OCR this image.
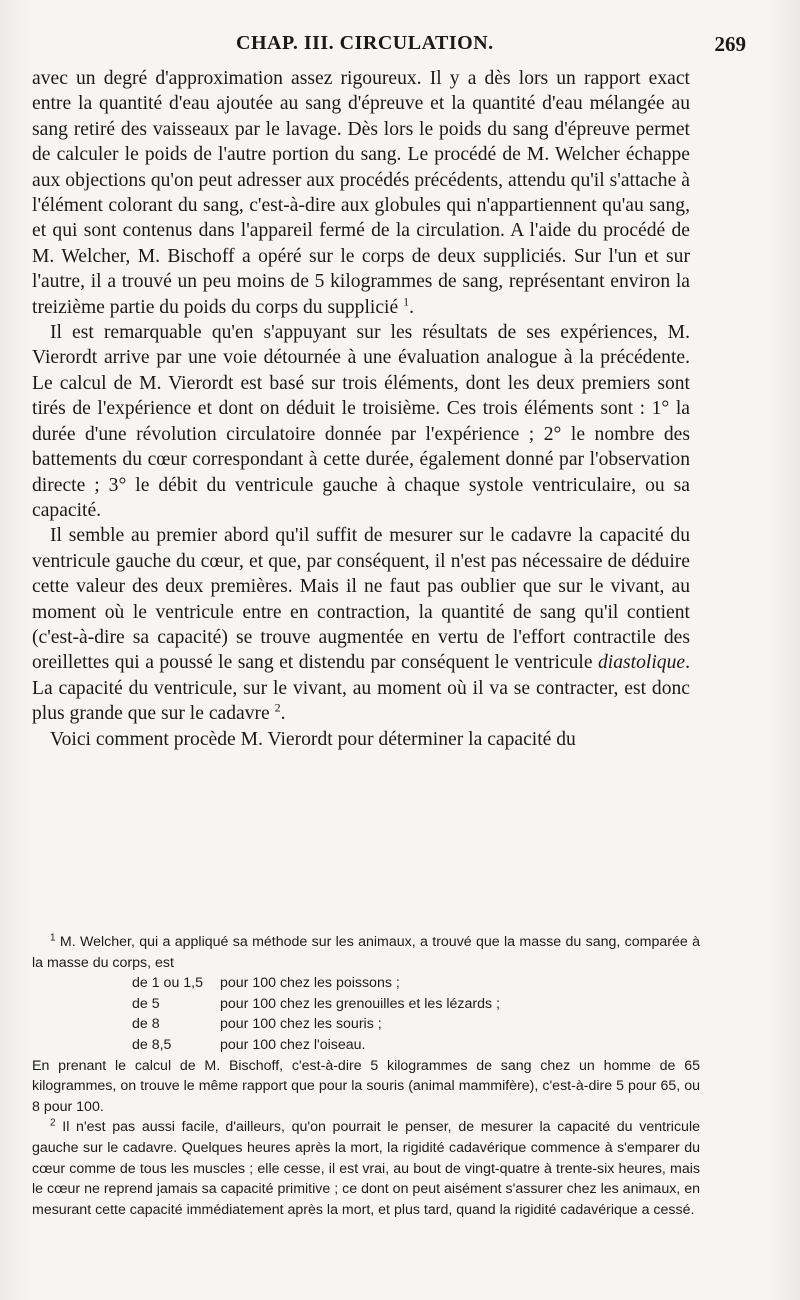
CHAP. III. CIRCULATION.	269

avec un degré d'approximation assez rigoureux. Il y a dès lors un rapport exact entre la quantité d'eau ajoutée au sang d'épreuve et la quantité d'eau mélangée au sang retiré des vaisseaux par le lavage. Dès lors le poids du sang d'épreuve permet de calculer le poids de l'autre portion du sang. Le procédé de M. Welcher échappe aux objections qu'on peut adresser aux procédés précédents, attendu qu'il s'attache à l'élément colorant du sang, c'est-à-dire aux globules qui n'appartiennent qu'au sang, et qui sont contenus dans l'appareil fermé de la circulation. A l'aide du procédé de M. Welcher, M. Bischoff a opéré sur le corps de deux suppliciés. Sur l'un et sur l'autre, il a trouvé un peu moins de 5 kilogrammes de sang, représentant environ la treizième partie du poids du corps du supplicié $^1$.

Il est remarquable qu'en s'appuyant sur les résultats de ses expériences, M. Vierordt arrive par une voie détournée à une évaluation analogue à la précédente. Le calcul de M. Vierordt est basé sur trois éléments, dont les deux premiers sont tirés de l'expérience et dont on déduit le troisième. Ces trois éléments sont : 1° la durée d'une révolution circulatoire donnée par l'expérience ; 2° le nombre des battements du cœur correspondant à cette durée, également donné par l'observation directe ; 3° le débit du ventricule gauche à chaque systole ventriculaire, ou sa capacité.

Il semble au premier abord qu'il suffit de mesurer sur le cadavre la capacité du ventricule gauche du cœur, et que, par conséquent, il n'est pas nécessaire de déduire cette valeur des deux premières. Mais il ne faut pas oublier que sur le vivant, au moment où le ventricule entre en contraction, la quantité de sang qu'il contient (c'est-à-dire sa capacité) se trouve augmentée en vertu de l'effort contractile des oreillettes qui a poussé le sang et distendu par conséquent le ventricule diastolique. La capacité du ventricule, sur le vivant, au moment où il va se contracter, est donc plus grande que sur le cadavre $^2$.

Voici comment procède M. Vierordt pour déterminer la capacité du

$^1$ M. Welcher, qui a appliqué sa méthode sur les animaux, a trouvé que la masse du sang, comparée à la masse du corps, est

de 1 ou 1,5	pour 100 chez les poissons ;
de 5	pour 100 chez les grenouilles et les lézards ;
de 8	pour 100 chez les souris ;
de 8,5	pour 100 chez l'oiseau.

En prenant le calcul de M. Bischoff, c'est-à-dire 5 kilogrammes de sang chez un homme de 65 kilogrammes, on trouve le même rapport que pour la souris (animal mammifère), c'est-à-dire 5 pour 65, ou 8 pour 100.

$^2$ Il n'est pas aussi facile, d'ailleurs, qu'on pourrait le penser, de mesurer la capacité du ventricule gauche sur le cadavre. Quelques heures après la mort, la rigidité cadavérique commence à s'emparer du cœur comme de tous les muscles ; elle cesse, il est vrai, au bout de vingt-quatre à trente-six heures, mais le cœur ne reprend jamais sa capacité primitive ; ce dont on peut aisément s'assurer chez les animaux, en mesurant cette capacité immédiatement après la mort, et plus tard, quand la rigidité cadavérique a cessé.
